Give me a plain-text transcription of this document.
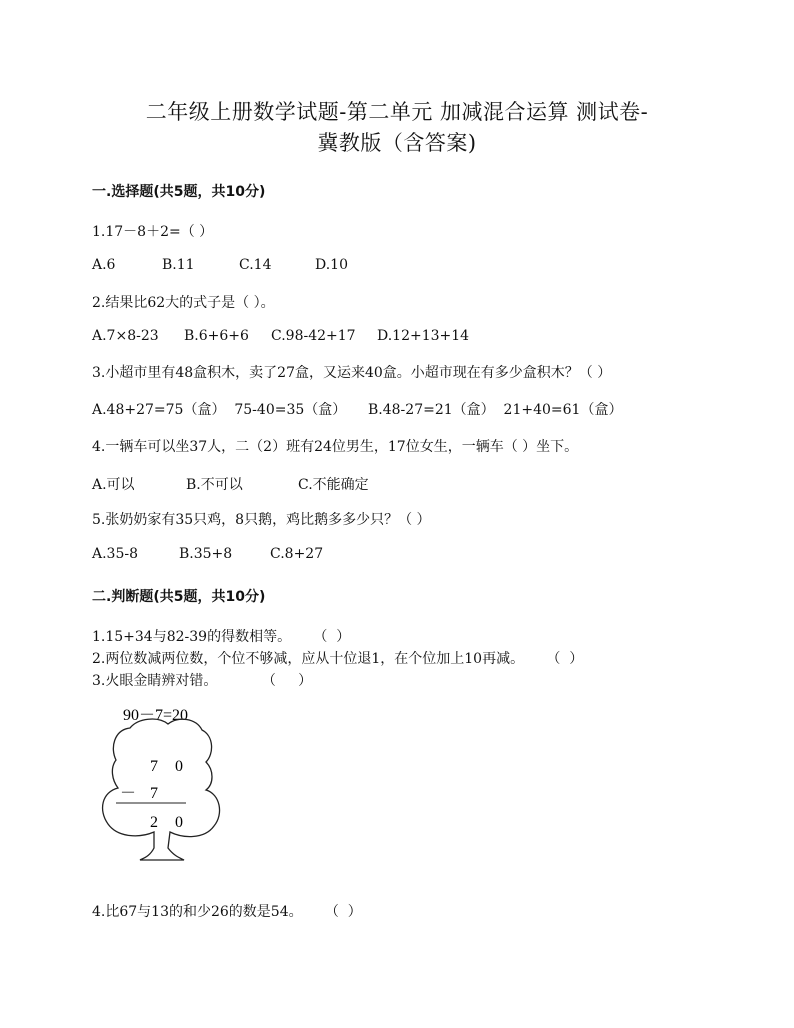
二年级上册数学试题-第二单元 加减混合运算 测试卷-
冀教版（含答案)
一.选择题(共5题，共10分)
1.17－8＋2=（ ）
A.6	B.11	C.14	D.10
2.结果比62大的式子是（ ）。
A.7×8-23 B.6+6+6 C.98-42+17 D.12+13+14
3.小超市里有48盒积木，卖了27盒，又运来40盒。小超市现在有多少盒积木？（ ）
A.48+27=75（盒）  75-40=35（盒） B.48-27=21（盒）  21+40=61（盒）
4.一辆车可以坐37人，二（2）班有24位男生，17位女生，一辆车（ ）坐下。
A.可以	B.不可以	C.不能确定
5.张奶奶家有35只鸡，8只鹅，鸡比鹅多多少只？（ ）
A.35-8	B.35+8	C.8+27
二.判断题(共5题，共10分)
1.15+34与82-39的得数相等。     （  ）
2.两位数减两位数，个位不够减，应从十位退1，在个位加上10再减。     （  ）
3.火眼金睛辨对错。          （     ）
90－7=20
7 0
－ 7
2 0
4.比67与13的和少26的数是54。     （  ）
